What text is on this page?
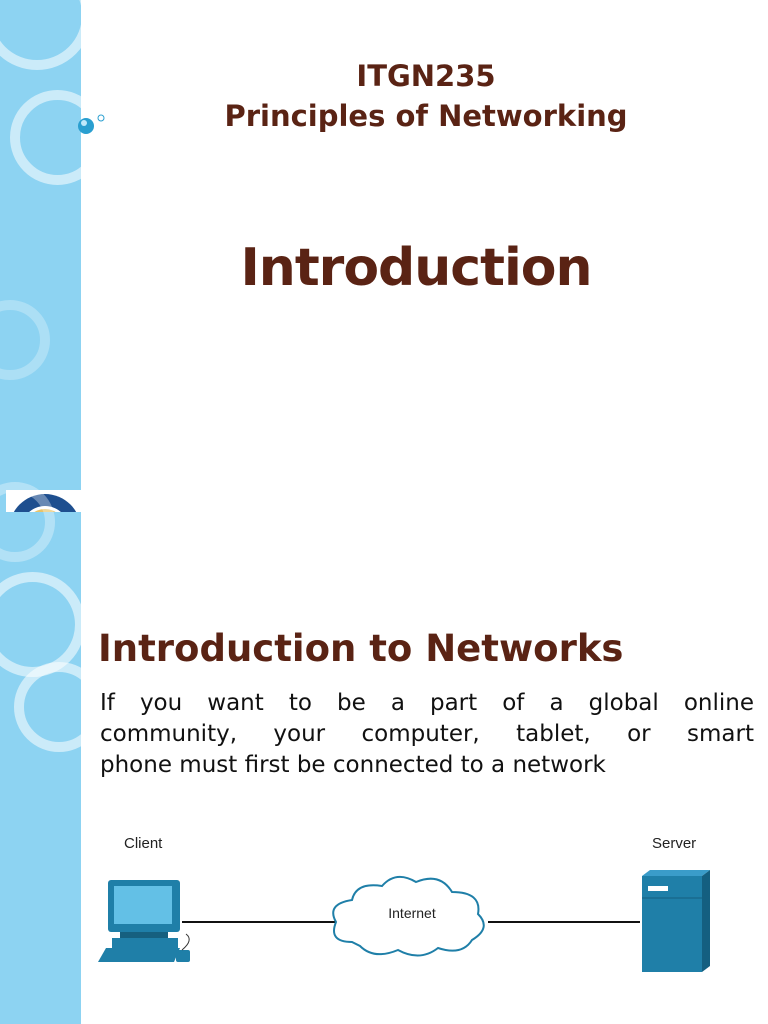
ITGN235
Principles of Networking
Introduction
Introduction to Networks
If you want to be a part of a global online
community, your computer, tablet, or smart
phone must first be connected to a network
Client	Server
Internet
